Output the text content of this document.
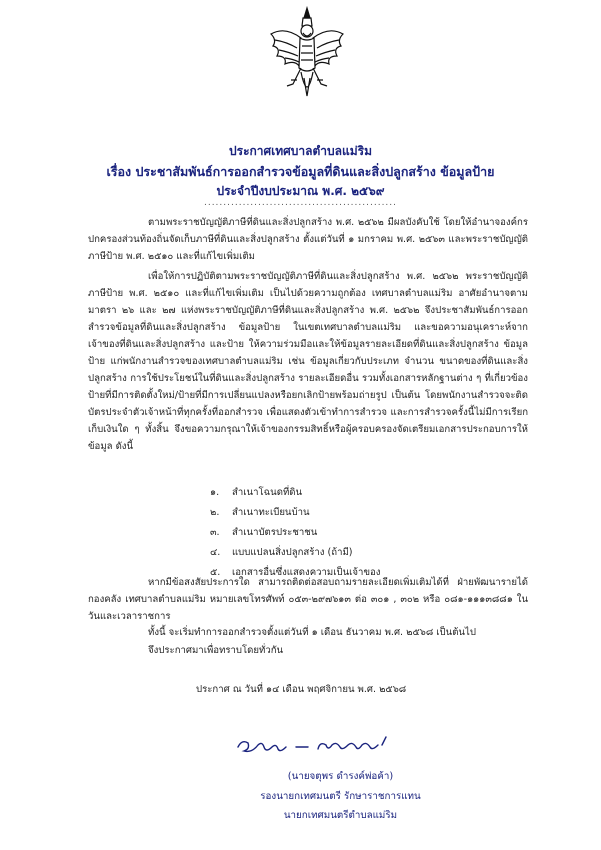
ประกาศเทศบาลตำบลแม่ริม
เรื่อง ประชาสัมพันธ์การออกสำรวจข้อมูลที่ดินและสิ่งปลูกสร้าง ข้อมูลป้าย
ประจำปีงบประมาณ พ.ศ. ๒๕๖๙
..................................................

ตามพระราชบัญญัติภาษีที่ดินและสิ่งปลูกสร้าง พ.ศ. ๒๕๖๒ มีผลบังคับใช้ โดยให้อำนาจองค์กรปกครองส่วนท้องถิ่นจัดเก็บภาษีที่ดินและสิ่งปลูกสร้าง ตั้งแต่วันที่ ๑ มกราคม พ.ศ. ๒๕๖๓ และพระราชบัญญัติภาษีป้าย พ.ศ. ๒๕๑๐ และที่แก้ไขเพิ่มเติม

เพื่อให้การปฏิบัติตามพระราชบัญญัติภาษีที่ดินและสิ่งปลูกสร้าง พ.ศ. ๒๕๖๒ พระราชบัญญัติภาษีป้าย พ.ศ. ๒๕๑๐ และที่แก้ไขเพิ่มเติม เป็นไปด้วยความถูกต้อง เทศบาลตำบลแม่ริม อาศัยอำนาจตามมาตรา ๒๖ และ ๒๗ แห่งพระราชบัญญัติภาษีที่ดินและสิ่งปลูกสร้าง พ.ศ. ๒๕๖๒ จึงประชาสัมพันธ์การออกสำรวจข้อมูลที่ดินและสิ่งปลูกสร้าง ข้อมูลป้าย ในเขตเทศบาลตำบลแม่ริม และขอความอนุเคราะห์จากเจ้าของที่ดินและสิ่งปลูกสร้าง และป้าย ให้ความร่วมมือและให้ข้อมูลรายละเอียดที่ดินและสิ่งปลูกสร้าง ข้อมูลป้าย แก่พนักงานสำรวจของเทศบาลตำบลแม่ริม เช่น ข้อมูลเกี่ยวกับประเภท จำนวน ขนาดของที่ดินและสิ่งปลูกสร้าง การใช้ประโยชน์ในที่ดินและสิ่งปลูกสร้าง รายละเอียดอื่น รวมทั้งเอกสารหลักฐานต่าง ๆ ที่เกี่ยวข้อง ป้ายที่มีการติดตั้งใหม่/ป้ายที่มีการเปลี่ยนแปลงหรือยกเลิกป้ายพร้อมถ่ายรูป เป็นต้น โดยพนักงานสำรวจจะติดบัตรประจำตัวเจ้าหน้าที่ทุกครั้งที่ออกสำรวจ เพื่อแสดงตัวเข้าทำการสำรวจ และการสำรวจครั้งนี้ไม่มีการเรียกเก็บเงินใด ๆ ทั้งสิ้น จึงขอความกรุณาให้เจ้าของกรรมสิทธิ์หรือผู้ครอบครองจัดเตรียมเอกสารประกอบการให้ข้อมูล ดังนี้

๑. สำเนาโฉนดที่ดิน
๒. สำเนาทะเบียนบ้าน
๓. สำเนาบัตรประชาชน
๔. แบบแปลนสิ่งปลูกสร้าง (ถ้ามี)
๕. เอกสารอื่นซึ่งแสดงความเป็นเจ้าของ

หากมีข้อสงสัยประการใด สามารถติดต่อสอบถามรายละเอียดเพิ่มเติมได้ที่ ฝ่ายพัฒนารายได้ กองคลัง เทศบาลตำบลแม่ริม หมายเลขโทรศัพท์ ๐๕๓-๒๙๗๖๑๓ ต่อ ๓๐๑ , ๓๐๒ หรือ ๐๘๑-๑๑๑๓๘๘๑ ในวันและเวลาราชการ

ทั้งนี้ จะเริ่มทำการออกสำรวจตั้งแต่วันที่ ๑ เดือน ธันวาคม พ.ศ. ๒๕๖๘ เป็นต้นไป

จึงประกาศมาเพื่อทราบโดยทั่วกัน

ประกาศ ณ วันที่ ๑๔ เดือน พฤศจิกายน พ.ศ. ๒๕๖๘
(นายจตุพร ดำรงค์พ่อค้า)
รองนายกเทศมนตรี รักษาราชการแทน
นายกเทศมนตรีตำบลแม่ริม
